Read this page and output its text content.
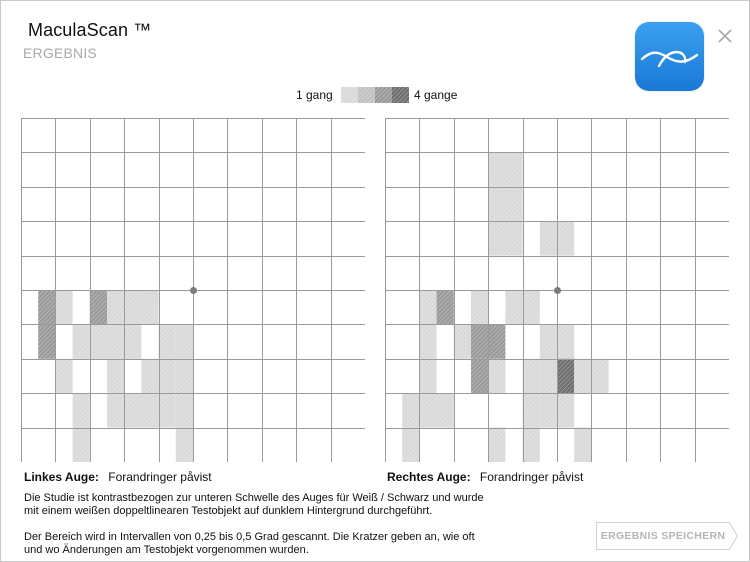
MaculaScan ™
ERGEBNIS
1 gang	4 gange
Linkes Auge: Forandringer påvist	Rechtes Auge: Forandringer påvist
Die Studie ist kontrastbezogen zur unteren Schwelle des Auges für Weiß / Schwarz und wurde mit einem weißen doppeltlinearen Testobjekt auf dunklem Hintergrund durchgeführt.
Der Bereich wird in Intervallen von 0,25 bis 0,5 Grad gescannt. Die Kratzer geben an, wie oft und wo Änderungen am Testobjekt vorgenommen wurden.
ERGEBNIS SPEICHERN
